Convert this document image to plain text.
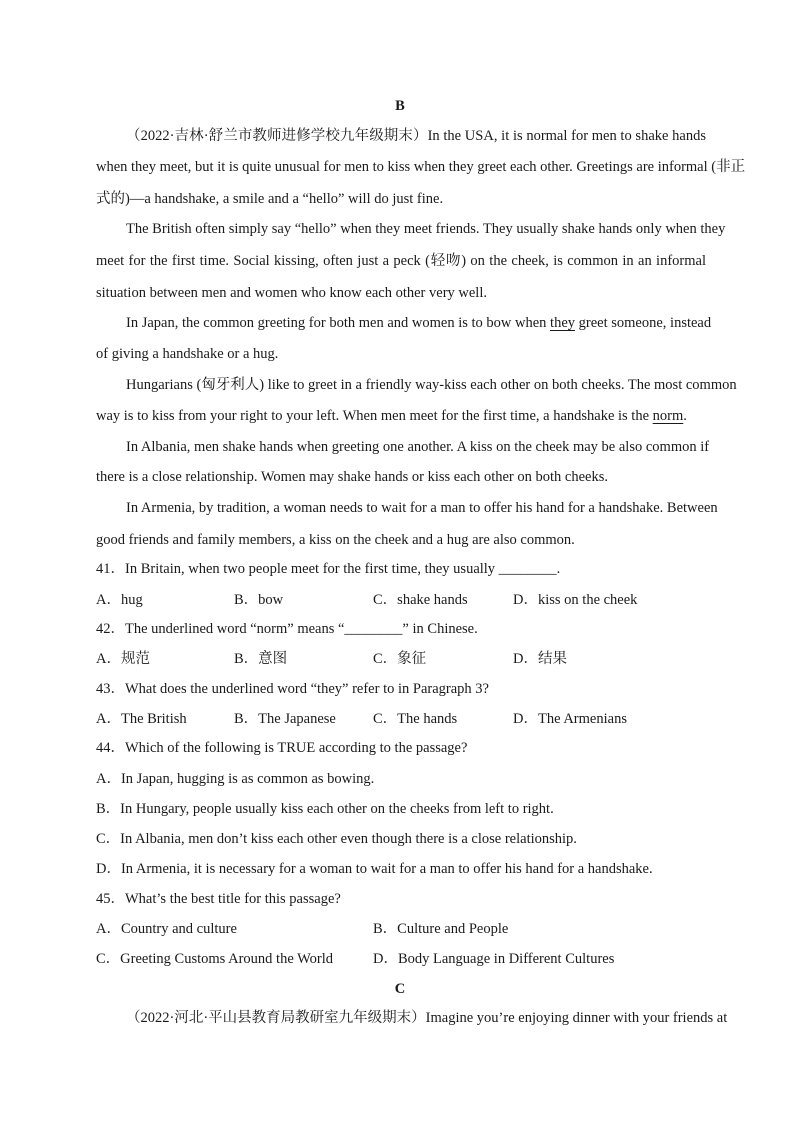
B
（2022·吉林·舒兰市教师进修学校九年级期末）In the USA, it is normal for men to shake hands
when they meet, but it is quite unusual for men to kiss when they greet each other. Greetings are informal (非正
式的)—a handshake, a smile and a “hello” will do just fine.
The British often simply say “hello” when they meet friends. They usually shake hands only when they
meet for the first time. Social kissing, often just a peck (轻吻) on the cheek, is common in an informal
situation between men and women who know each other very well.
In Japan, the common greeting for both men and women is to bow when they greet someone, instead
of giving a handshake or a hug.
Hungarians (匈牙利人) like to greet in a friendly way-kiss each other on both cheeks. The most common
way is to kiss from your right to your left. When men meet for the first time, a handshake is the norm.
In Albania, men shake hands when greeting one another. A kiss on the cheek may be also common if
there is a close relationship. Women may shake hands or kiss each other on both cheeks.
In Armenia, by tradition, a woman needs to wait for a man to offer his hand for a handshake. Between
good friends and family members, a kiss on the cheek and a hug are also common.
41．In Britain, when two people meet for the first time, they usually ________.
A．hug	B．bow	C．shake hands	D．kiss on the cheek
42．The underlined word “norm” means “________” in Chinese.
A．规范	B．意图	C．象征	D．结果
43．What does the underlined word “they” refer to in Paragraph 3?
A．The British	B．The Japanese	C．The hands	D．The Armenians
44．Which of the following is TRUE according to the passage?
A．In Japan, hugging is as common as bowing.
B．In Hungary, people usually kiss each other on the cheeks from left to right.
C．In Albania, men don’t kiss each other even though there is a close relationship.
D．In Armenia, it is necessary for a woman to wait for a man to offer his hand for a handshake.
45．What’s the best title for this passage?
A．Country and culture	B．Culture and People
C．Greeting Customs Around the World	D．Body Language in Different Cultures
C
（2022·河北·平山县教育局教研室九年级期末）Imagine you’re enjoying dinner with your friends at
